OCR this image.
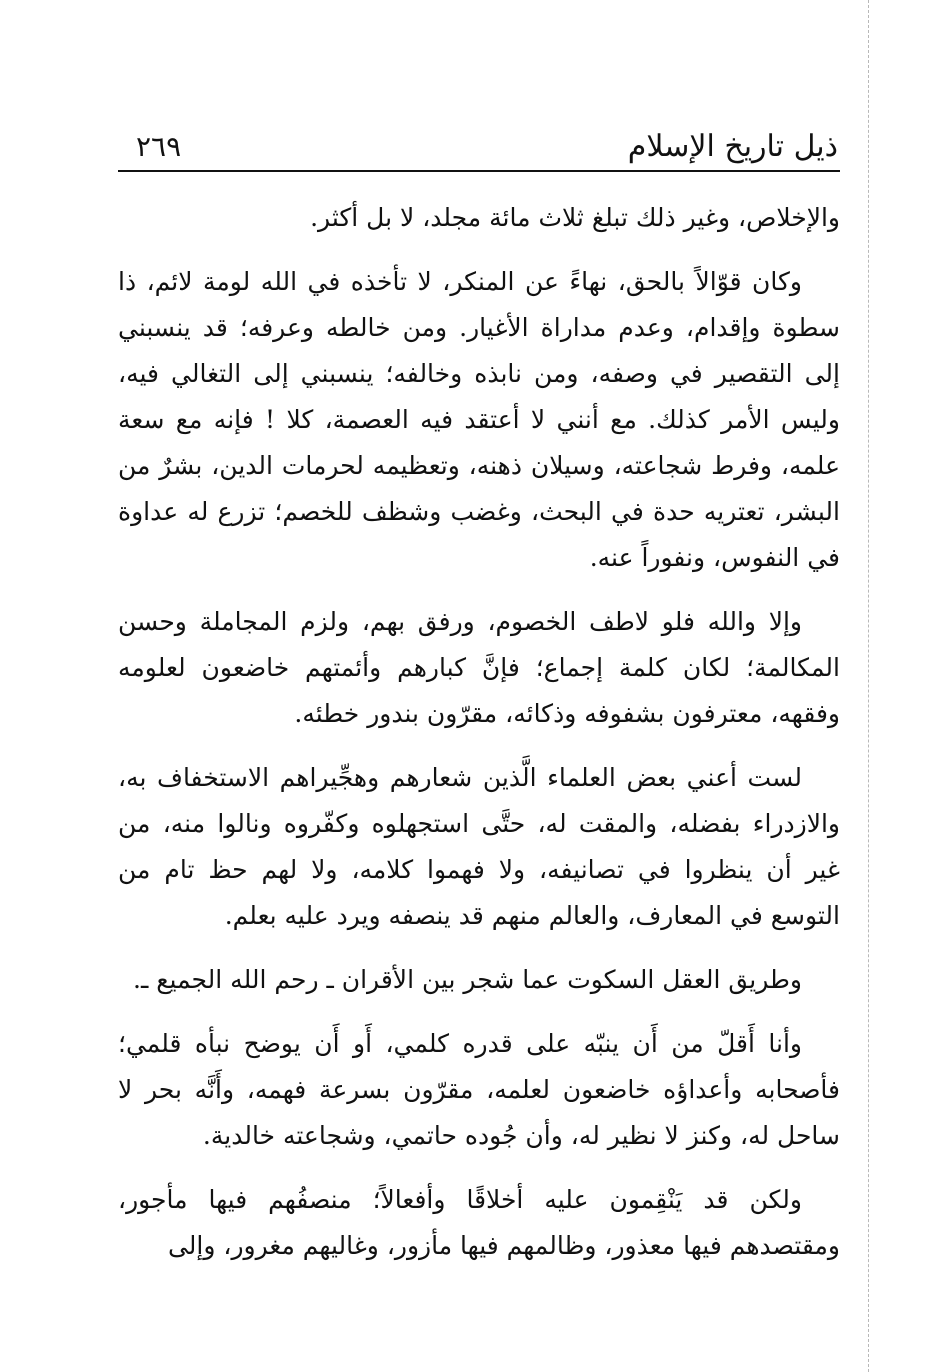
ذيل تاريخ الإسلام
٢٦٩

والإخلاص، وغير ذلك تبلغ ثلاث مائة مجلد، لا بل أكثر.

وكان قوّالاً بالحق، نهاءً عن المنكر، لا تأخذه في الله لومة لائم، ذا سطوة وإقدام، وعدم مداراة الأغيار. ومن خالطه وعرفه؛ قد ينسبني إلى التقصير في وصفه، ومن نابذه وخالفه؛ ينسبني إلى التغالي فيه، وليس الأمر كذلك. مع أنني لا أعتقد فيه العصمة، كلا ! فإنه مع سعة علمه، وفرط شجاعته، وسيلان ذهنه، وتعظيمه لحرمات الدين، بشرٌ من البشر، تعتريه حدة في البحث، وغضب وشظف للخصم؛ تزرع له عداوة في النفوس، ونفوراً عنه.

وإلا والله فلو لاطف الخصوم، ورفق بهم، ولزم المجاملة وحسن المكالمة؛ لكان كلمة إجماع؛ فإنَّ كبارهم وأئمتهم خاضعون لعلومه وفقهه، معترفون بشفوفه وذكائه، مقرّون بندور خطئه.

لست أعني بعض العلماء الَّذين شعارهم وهجِّيراهم الاستخفاف به، والازدراء بفضله، والمقت له، حتَّى استجهلوه وكفّروه ونالوا منه، من غير أن ينظروا في تصانيفه، ولا فهموا كلامه، ولا لهم حظ تام من التوسع في المعارف، والعالم منهم قد ينصفه ويرد عليه بعلم.

وطريق العقل السكوت عما شجر بين الأقران ـ رحم الله الجميع ـ.

وأنا أَقلّ من أَن ينبّه على قدره كلمي، أَو أَن يوضح نبأه قلمي؛ فأصحابه وأعداؤه خاضعون لعلمه، مقرّون بسرعة فهمه، وأَنَّه بحر لا ساحل له، وكنز لا نظير له، وأن جُوده حاتمي، وشجاعته خالدية.

ولكن قد يَنْقِمون عليه أخلاقًا وأفعالاً؛ منصفُهم فيها مأجور، ومقتصدهم فيها معذور، وظالمهم فيها مأزور، وغاليهم مغرور، وإلى
